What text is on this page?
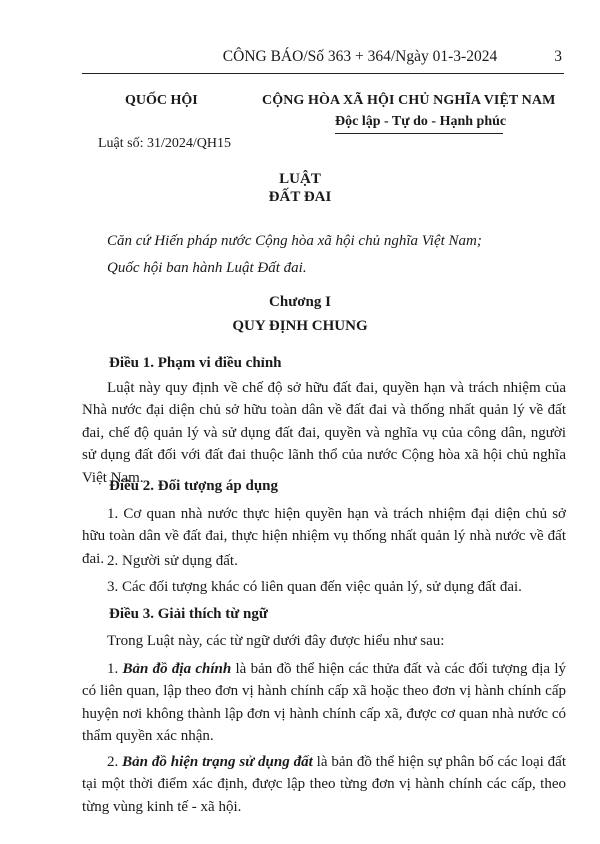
CÔNG BÁO/Số 363 + 364/Ngày 01-3-2024	3
QUỐC HỘI	CỘNG HÒA XÃ HỘI CHỦ NGHĨA VIỆT NAM
Độc lập - Tự do - Hạnh phúc
Luật số: 31/2024/QH15
LUẬT
ĐẤT ĐAI
Căn cứ Hiến pháp nước Cộng hòa xã hội chủ nghĩa Việt Nam;
Quốc hội ban hành Luật Đất đai.
Chương I
QUY ĐỊNH CHUNG
Điều 1. Phạm vi điều chỉnh
Luật này quy định về chế độ sở hữu đất đai, quyền hạn và trách nhiệm của Nhà nước đại diện chủ sở hữu toàn dân về đất đai và thống nhất quản lý về đất đai, chế độ quản lý và sử dụng đất đai, quyền và nghĩa vụ của công dân, người sử dụng đất đối với đất đai thuộc lãnh thổ của nước Cộng hòa xã hội chủ nghĩa Việt Nam.
Điều 2. Đối tượng áp dụng
1. Cơ quan nhà nước thực hiện quyền hạn và trách nhiệm đại diện chủ sở hữu toàn dân về đất đai, thực hiện nhiệm vụ thống nhất quản lý nhà nước về đất đai. 2. Người sử dụng đất.
3. Các đối tượng khác có liên quan đến việc quản lý, sử dụng đất đai.
Điều 3. Giải thích từ ngữ
Trong Luật này, các từ ngữ dưới đây được hiểu như sau:
1. Bản đồ địa chính là bản đồ thể hiện các thửa đất và các đối tượng địa lý có liên quan, lập theo đơn vị hành chính cấp xã hoặc theo đơn vị hành chính cấp huyện nơi không thành lập đơn vị hành chính cấp xã, được cơ quan nhà nước có thẩm quyền xác nhận.
2. Bản đồ hiện trạng sử dụng đất là bản đồ thể hiện sự phân bố các loại đất tại một thời điểm xác định, được lập theo từng đơn vị hành chính các cấp, theo từng vùng kinh tế - xã hội.
